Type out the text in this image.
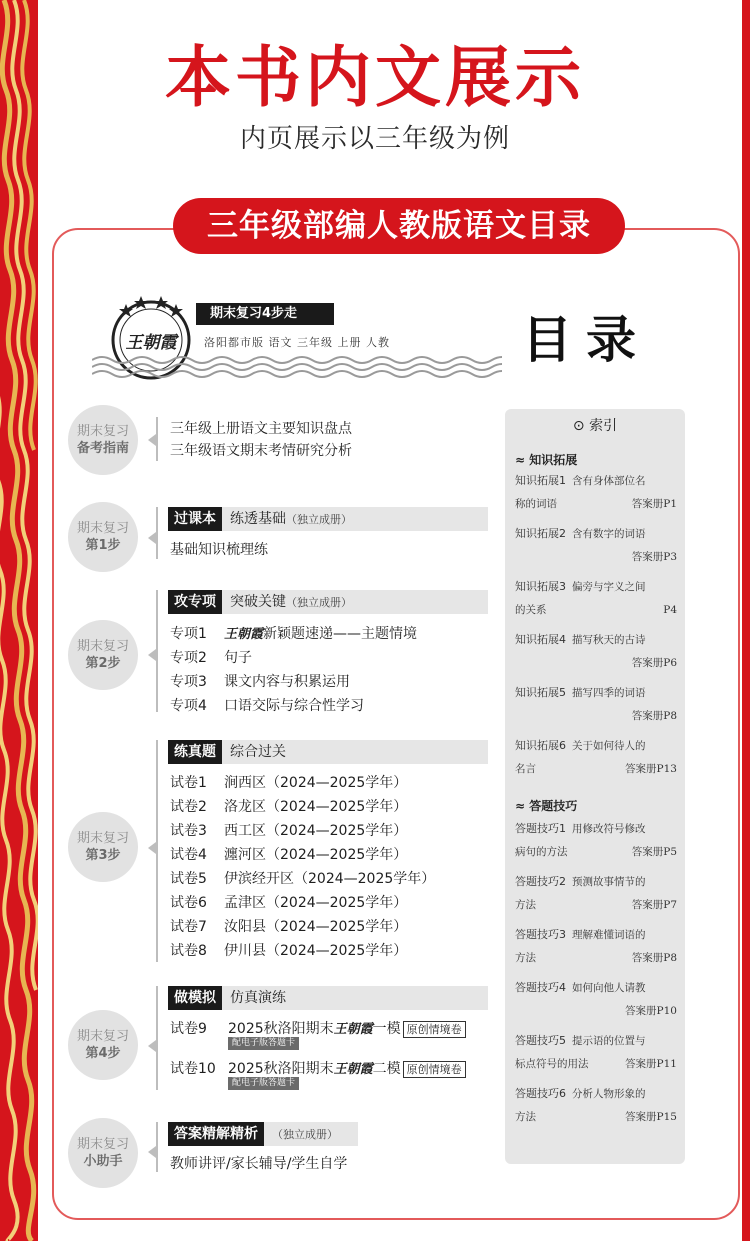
本书内文展示
内页展示以三年级为例
三年级部编人教版语文目录
王朝霞
期末复习4步走
洛阳都市版 语文 三年级 上册 人教	目录
期末复习
备考指南
三年级上册语文主要知识盘点
三年级语文期末考情研究分析
期末复习
第1步
过课本 练透基础（独立成册）
基础知识梳理练
期末复习
第2步
攻专项 突破关键（独立成册）
专项1 王朝霞新颖题速递——主题情境
专项2 句子
专项3 课文内容与积累运用
专项4 口语交际与综合性学习
期末复习
第3步
练真题 综合过关
试卷1 涧西区（2024—2025学年）
试卷2 洛龙区（2024—2025学年）
试卷3 西工区（2024—2025学年）
试卷4 瀍河区（2024—2025学年）
试卷5 伊滨经开区（2024—2025学年）
试卷6 孟津区（2024—2025学年）
试卷7 汝阳县（2024—2025学年）
试卷8 伊川县（2024—2025学年）
期末复习
第4步
做模拟 仿真演练
试卷9 2025秋洛阳期末王朝霞一模 原创情境卷
配电子版答题卡
试卷10 2025秋洛阳期末王朝霞二模 原创情境卷
配电子版答题卡
期末复习
小助手
答案精解精析 （独立成册）
教师讲评/家长辅导/学生自学
⊙ 索引
≈ 知识拓展
知识拓展1 含有身体部位名
称的词语	答案册P1
知识拓展2 含有数字的词语
答案册P3
知识拓展3 偏旁与字义之间
的关系	P4
知识拓展4 描写秋天的古诗
答案册P6
知识拓展5 描写四季的词语
答案册P8
知识拓展6 关于如何待人的
名言	答案册P13
≈ 答题技巧
答题技巧1 用修改符号修改
病句的方法	答案册P5
答题技巧2 预测故事情节的
方法	答案册P7
答题技巧3 理解难懂词语的
方法	答案册P8
答题技巧4 如何向他人请教
答案册P10
答题技巧5 提示语的位置与
标点符号的用法	答案册P11
答题技巧6 分析人物形象的
方法	答案册P15
